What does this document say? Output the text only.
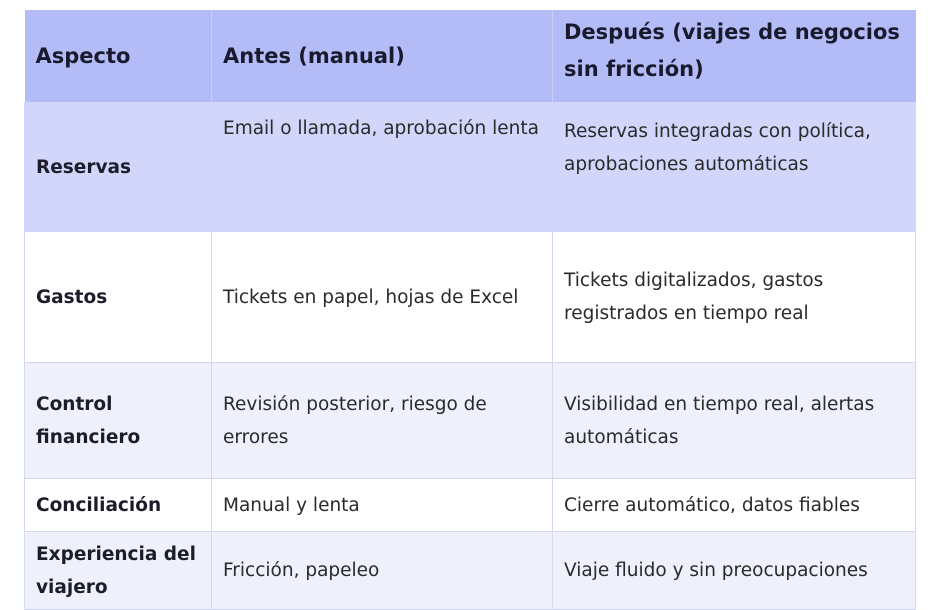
Aspecto	Antes (manual)	Después (viajes de negocios sin fricción)
Reservas	Email o llamada, aprobación lenta	Reservas integradas con política, aprobaciones automáticas
Gastos	Tickets en papel, hojas de Excel	Tickets digitalizados, gastos registrados en tiempo real
Control financiero	Revisión posterior, riesgo de errores	Visibilidad en tiempo real, alertas automáticas
Conciliación	Manual y lenta	Cierre automático, datos fiables
Experiencia del viajero	Fricción, papeleo	Viaje fluido y sin preocupaciones
